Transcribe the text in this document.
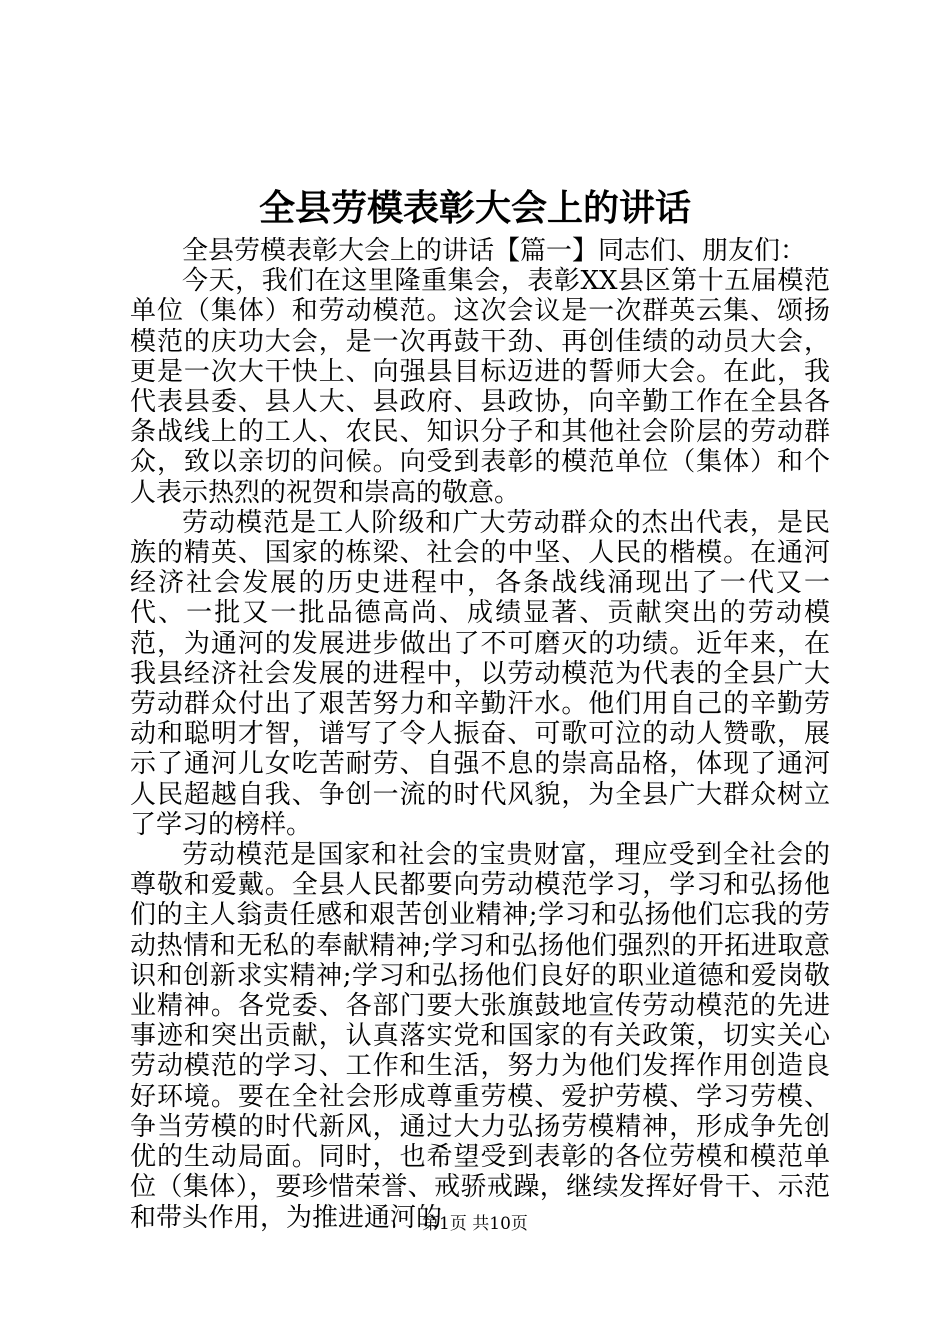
全县劳模表彰大会上的讲话

全县劳模表彰大会上的讲话【篇一】同志们、朋友们：

今天，我们在这里隆重集会，表彰XX县区第十五届模范单位（集体）和劳动模范。这次会议是一次群英云集、颂扬模范的庆功大会，是一次再鼓干劲、再创佳绩的动员大会，更是一次大干快上、向强县目标迈进的誓师大会。在此，我代表县委、县人大、县政府、县政协，向辛勤工作在全县各条战线上的工人、农民、知识分子和其他社会阶层的劳动群众，致以亲切的问候。向受到表彰的模范单位（集体）和个人表示热烈的祝贺和崇高的敬意。

劳动模范是工人阶级和广大劳动群众的杰出代表，是民族的精英、国家的栋梁、社会的中坚、人民的楷模。在通河经济社会发展的历史进程中，各条战线涌现出了一代又一代、一批又一批品德高尚、成绩显著、贡献突出的劳动模范，为通河的发展进步做出了不可磨灭的功绩。近年来，在我县经济社会发展的进程中，以劳动模范为代表的全县广大劳动群众付出了艰苦努力和辛勤汗水。他们用自己的辛勤劳动和聪明才智，谱写了令人振奋、可歌可泣的动人赞歌，展示了通河儿女吃苦耐劳、自强不息的崇高品格，体现了通河人民超越自我、争创一流的时代风貌，为全县广大群众树立了学习的榜样。

劳动模范是国家和社会的宝贵财富，理应受到全社会的尊敬和爱戴。全县人民都要向劳动模范学习，学习和弘扬他们的主人翁责任感和艰苦创业精神;学习和弘扬他们忘我的劳动热情和无私的奉献精神;学习和弘扬他们强烈的开拓进取意识和创新求实精神;学习和弘扬他们良好的职业道德和爱岗敬业精神。各党委、各部门要大张旗鼓地宣传劳动模范的先进事迹和突出贡献，认真落实党和国家的有关政策，切实关心劳动模范的学习、工作和生活，努力为他们发挥作用创造良好环境。要在全社会形成尊重劳模、爱护劳模、学习劳模、争当劳模的时代新风，通过大力弘扬劳模精神，形成争先创优的生动局面。同时，也希望受到表彰的各位劳模和模范单位（集体），要珍惜荣誉、戒骄戒躁，继续发挥好骨干、示范和带头作用，为推进通河的

第1页 共10页
